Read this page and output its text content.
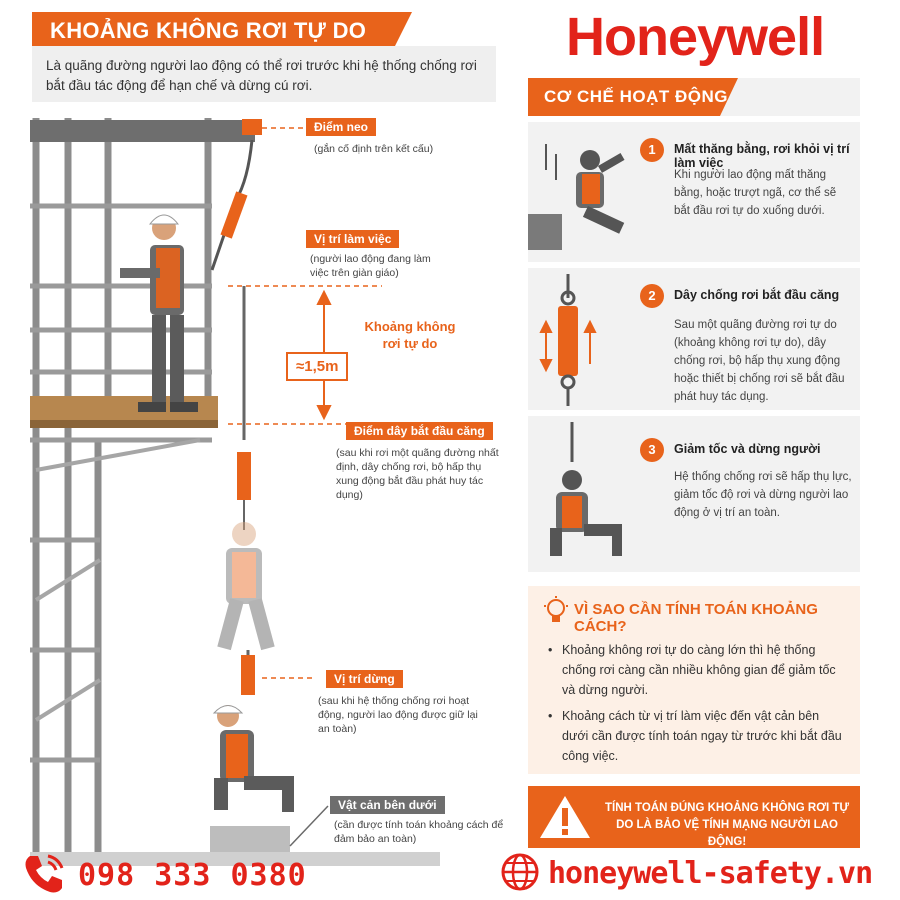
KHOẢNG KHÔNG RƠI TỰ DO
Là quãng đường người lao động có thể rơi trước khi hệ thống chống rơi bắt đầu tác động để hạn chế và dừng cú rơi.
Honeywell
Điểm neo
(gắn cố định trên kết cấu)
Vị trí làm việc
(người lao động đang làm việc trên giàn giáo)
Khoảng không rơi tự do
≈1,5m
Điểm dây bắt đầu căng
(sau khi rơi một quãng đường nhất định, dây chống rơi, bộ hấp thụ xung động bắt đầu phát huy tác dụng)
Vị trí dừng
(sau khi hệ thống chống rơi hoạt động, người lao động được giữ lại an toàn)
Vật cản bên dưới
(cần được tính toán khoảng cách để đảm bảo an toàn)
CƠ CHẾ HOẠT ĐỘNG
1	Mất thăng bằng, rơi khỏi vị trí làm việc
Khi người lao động mất thăng bằng, hoặc trượt ngã, cơ thể sẽ bắt đầu rơi tự do xuống dưới.
2	Dây chống rơi bắt đầu căng
Sau một quãng đường rơi tự do (khoảng không rơi tự do), dây chống rơi, bộ hấp thụ xung động hoặc thiết bị chống rơi sẽ bắt đầu phát huy tác dụng.
3	Giảm tốc và dừng người
Hệ thống chống rơi sẽ hấp thụ lực, giảm tốc độ rơi và dừng người lao động ở vị trí an toàn.
VÌ SAO CẦN TÍNH TOÁN KHOẢNG CÁCH?
• Khoảng không rơi tự do càng lớn thì hệ thống chống rơi càng cần nhiều không gian để giảm tốc và dừng người.
• Khoảng cách từ vị trí làm việc đến vật cản bên dưới cần được tính toán ngay từ trước khi bắt đầu công việc.
TÍNH TOÁN ĐÚNG KHOẢNG KHÔNG RƠI TỰ DO LÀ BẢO VỆ TÍNH MẠNG NGƯỜI LAO ĐỘNG!
098 333 0380	honeywell-safety.vn
